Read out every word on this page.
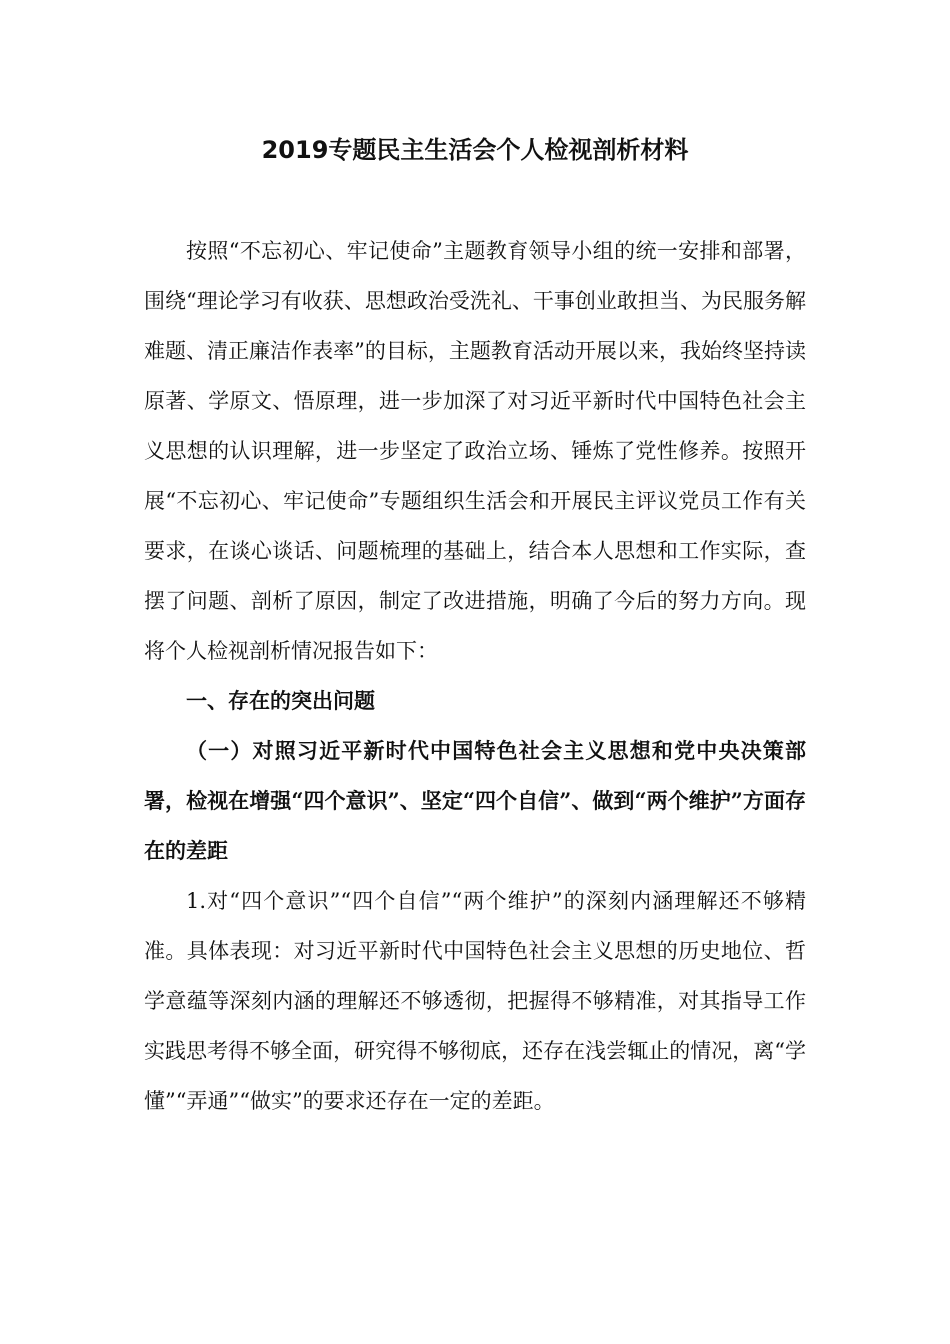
2019专题民主生活会个人检视剖析材料

按照“不忘初心、牢记使命”主题教育领导小组的统一安排和部署，围绕“理论学习有收获、思想政治受洗礼、干事创业敢担当、为民服务解难题、清正廉洁作表率”的目标，主题教育活动开展以来，我始终坚持读原著、学原文、悟原理，进一步加深了对习近平新时代中国特色社会主义思想的认识理解，进一步坚定了政治立场、锤炼了党性修养。按照开展“不忘初心、牢记使命”专题组织生活会和开展民主评议党员工作有关要求，在谈心谈话、问题梳理的基础上，结合本人思想和工作实际，查摆了问题、剖析了原因，制定了改进措施，明确了今后的努力方向。现将个人检视剖析情况报告如下：

一、存在的突出问题

（一）对照习近平新时代中国特色社会主义思想和党中央决策部署，检视在增强“四个意识”、坚定“四个自信”、做到“两个维护”方面存在的差距

1.对“四个意识”“四个自信”“两个维护”的深刻内涵理解还不够精准。具体表现：对习近平新时代中国特色社会主义思想的历史地位、哲学意蕴等深刻内涵的理解还不够透彻，把握得不够精准，对其指导工作实践思考得不够全面，研究得不够彻底，还存在浅尝辄止的情况，离“学懂”“弄通”“做实”的要求还存在一定的差距。
